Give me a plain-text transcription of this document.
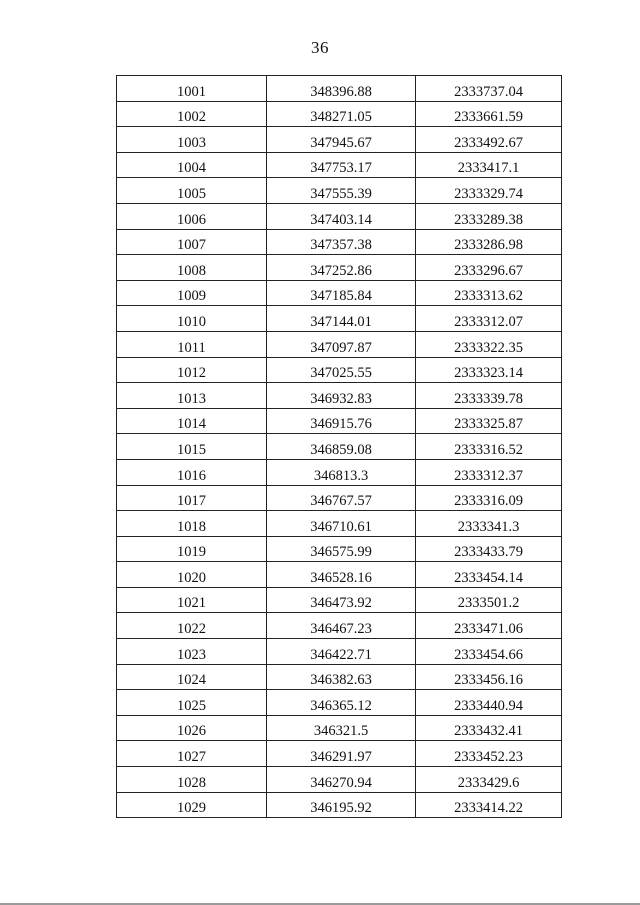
36
1001	348396.88	2333737.04
1002	348271.05	2333661.59
1003	347945.67	2333492.67
1004	347753.17	2333417.1
1005	347555.39	2333329.74
1006	347403.14	2333289.38
1007	347357.38	2333286.98
1008	347252.86	2333296.67
1009	347185.84	2333313.62
1010	347144.01	2333312.07
1011	347097.87	2333322.35
1012	347025.55	2333323.14
1013	346932.83	2333339.78
1014	346915.76	2333325.87
1015	346859.08	2333316.52
1016	346813.3	2333312.37
1017	346767.57	2333316.09
1018	346710.61	2333341.3
1019	346575.99	2333433.79
1020	346528.16	2333454.14
1021	346473.92	2333501.2
1022	346467.23	2333471.06
1023	346422.71	2333454.66
1024	346382.63	2333456.16
1025	346365.12	2333440.94
1026	346321.5	2333432.41
1027	346291.97	2333452.23
1028	346270.94	2333429.6
1029	346195.92	2333414.22
